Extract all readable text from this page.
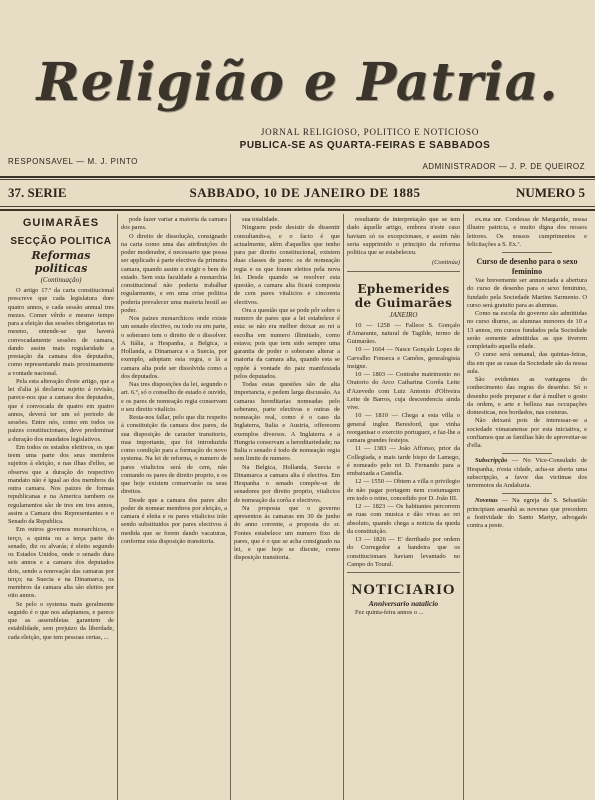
Religião e Patria.
JORNAL RELIGIOSO, POLITICO E NOTICIOSO
PUBLICA-SE AS QUARTA-FEIRAS E SABBADOS
RESPONSAVEL — M. J. PINTO
ADMINISTRADOR — J. P. DE QUEIROZ
37. SERIE	SABBADO, 10 DE JANEIRO DE 1885	NUMERO 5
GUIMARÃES
SECÇÃO POLITICA
Reformas politicas
(Continuação)

O artigo 17.º da carta constitucional prescreve que cada legislatura dure quatro annos, e cada sessão annual tres mezes. Comer vêrdo e mesmo tempo para a eleição das sessões obrigatorias no mesmo, entende-se que haverá convocadamente sessões de camara, dando assim mais regularidade a prestação da camara dos deputados, como representando mais proximamente a vontade nacional.

Pela esta alteração d'este artigo, que a lei d'alia já declarou sujeito á revisão, parece-nos que a camara dos deputados, que é convocada de quatro em quatro annos, deverá ter um só periodo de sessões. Entre nós, como em todos os paizes constitucionaes, deve predominar a duração dos mandatos legislativos.

Em todos os estados eleitivos, os que teem uma parte dos seus membros sujeitos á eleição, e nas ilhas d'elles, se observa que a duração do respectivo mandato não é igual ao dos membros da outra camara. Nos paizes de formas republicanas e na America tambem os regulamentos são de tres em tres annos, assim a Camara dos Representantes e o Senado da Republica.

Em outros governos monarchicos, o terço, a quinta ou a terça parte do senado, diz os alvarás; é eleito segundo os Estados Unidos, onde o senado dura seis annos e a camara dos deputados dois, sendo a renovação das camaras por terço; na Suecia e na Dinamarca, os membros da camara alta são eleitos por oito annos.

Se pelo o systema mais geralmente seguido é o que nos adaptamos, e parece que as assembleias garantem de estabilidade, sem prejuizo da liberdade, cada eleição, que tem pessoas certas, ...

pode fazer variar a maioria da camara dos pares.

O direito de dissolução, consignado na carta como uma das attribuições do poder moderador, é necessario que possa ser applicado á parte electiva da primeira camara, quando assim o exigir o bem do estado. Sem esta faculdade a monarchia constitucional não poderia trabalhar regularmente, e em uma crise politica poderia prevalecer uma maioria hostil ao poder.

Nos paizes monarchicos onde existe um senado electivo, ou todo ou em parte, o soberano tem o direito de o dissolver. A Itália, a Hespanha, a Belgica, a Hollanda, a Dinamarca e a Suecia, por exemplo, adoptam esta regra, e lá a camara alta pode ser dissolvida como a dos deputados.

Nas tres disposições da lei, segundo o art. 6.º, só o conselho de estado é ouvido, e os pares de nomeação regia conservam o seu direito vitalicio.

Resta-nos fallar, pelo que diz respeito á constituição da camara dos pares, da sua disposição de caracter transitorio, mas importante, que foi introduzida como condição para a formação do novo systema. Na lei de reforma, o numero de pares vitalicios será de cem, não contando os pares de direito proprio, e os que hoje existem conservarão os seus direitos.

Desde que a camara dos pares alto poder de nomear membros por eleição, a camara é eleita e os pares vitalicios irão sendo substituidos por pares electivos á medida que se forem dando vacaturas, conforme esta disposição transitoria.

sua totalidade.

Ninguem pode desistir de dissentir consultando-a, e o facto é que actualmente, além d'aquelles que tenho para par direito constitucional, existem duas classes de pares: os de nomeação regia e os que foram eleitos pela nova lei. Desde quando se resolver esta questão, a camara alta ficará composta de cem pares vitalicios e cincoenta electivos.

Ora a questão que se pode pôr sobre o numero de pares que a lei estabelece é esta: se não era melhor deixar ao rei a escolha em numero illimitado, como estava; pois que tem sido sempre uma garantia de poder o soberano alterar a maioria da camara alta, quando esta se oppõe á vontade do paiz manifestada pelos deputados.

Todas estas questões são de alta importancia, e pedem larga discussão. As camaras hereditarias nomeadas pelo soberano, parte electivas e outras de nomeação real, como é o caso da Inglaterra, Italia e Austria, offerecem exemplos diversos. A Inglaterra e a Hungria conservam a hereditariedade; na Italia o senado é todo de nomeação regia sem limite de numero.

Na Belgica, Hollanda, Suecia e Dinamarca a camara alta é electiva. Em Hespanha o senado compõe-se de senadores por direito proprio, vitalicios de nomeação da corôa e electivos.

Na proposta que o governo apresentou ás camaras em 30 de junho do anno corrente, a proposta do sr. Fontes estabelece um numero fixo de pares, que é o que se acha consignado na lei, e que hoje se discute, como disposição transitoria.

resultante de interpretação que se tem dado áquelle artigo, embora n'este caso haviam só os excepcionaes, e assim não seria supprimido o principio da reforma politica que se estabeleceu.

(Continúa)
Ephemerides de Guimarães
JANEIRO

10 — 1258 — Fallece S. Gonçalo d'Amarante, natural de Tagilde, termo de Guimarães.

10 — 1664 — Nasce Gonçalo Lopes de Carvalho Fonseca e Camões, genealogista insigne.

10 — 1803 — Contrahe matrimonio no Oratorio do Arco Catharina Corrêa Leite d'Azevedo com Luiz Antonio d'Oliveira Leite de Barros, cuja descendencia ainda vive.

10 — 1810 — Chega a esta villa o general inglez Beresford, que vinha reorganisar o exercito portuguez, e faz-lhe a camara grandes festejos.

11 — 1383 — João Affonso, prior da Collegiada, e mais tarde bispo de Lamego, é nomeado pelo rei D. Fernando para a embaixada a Castella.

12 — 1550 — Obtem a villa o privilegio de não pagar portagem nem costumagem em todo o reino, concedido por D. João III.

12 — 1823 — Os habitantes percorrem as ruas com musica e dão vivas ao rei absoluto, quando chega a noticia da queda da constituição.

13 — 1826 — E' derribado por ordem do Corregedor a bandeira que os constitucionaes haviam levantado no Campo do Toural.

NOTICIARIO
Anniversario natalicio

Fez quinta-feira annos o ...

ex.ma snr. Condessa de Margaride, nossa illustre patricia, e muito digna dos nossos leitores. Os nossos cumprimentos e felicitações a S. Ex.ª.

Curso de desenho para o sexo feminino

Vae brevemente ser annunciada a abertura do curso de desenho para o sexo feminino, fundado pela Sociedade Martins Sarmento. O curso será gratuito para as alumnas.

Como na escola do governo são admittidas no curso diurno, as alumnas menores de 10 a 13 annos, em cursos fundados pela Sociedade serão somente admittidas as que tiverem completado aquella edade.

O curso será semanal, das quintas-feiras, dia em que as casas da Sociedade são da nossa aula.

São evidentes as vantagens do conhecimento das regras do desenho. Só o desenho pode preparar e dar á mulher o gosto da ordem, e arte e belleza nas occupações domesticas, nos bordados, nas costuras.

Não deixará pois de interessar-se a sociedade vimaranense por esta iniciativa, e confiamos que as familias hão de aproveitar-se d'ella.

Subscripção — No Vice-Consulado de Hespanha, n'esta cidade, acha-se aberta uma subscripção, a favor das victimas dos terremotos da Andaluzia.

Novenas — Na egreja de S. Sebastião principiam amanhã as novenas que precedem a festividade do Santo Martyr, advogado contra a peste.
